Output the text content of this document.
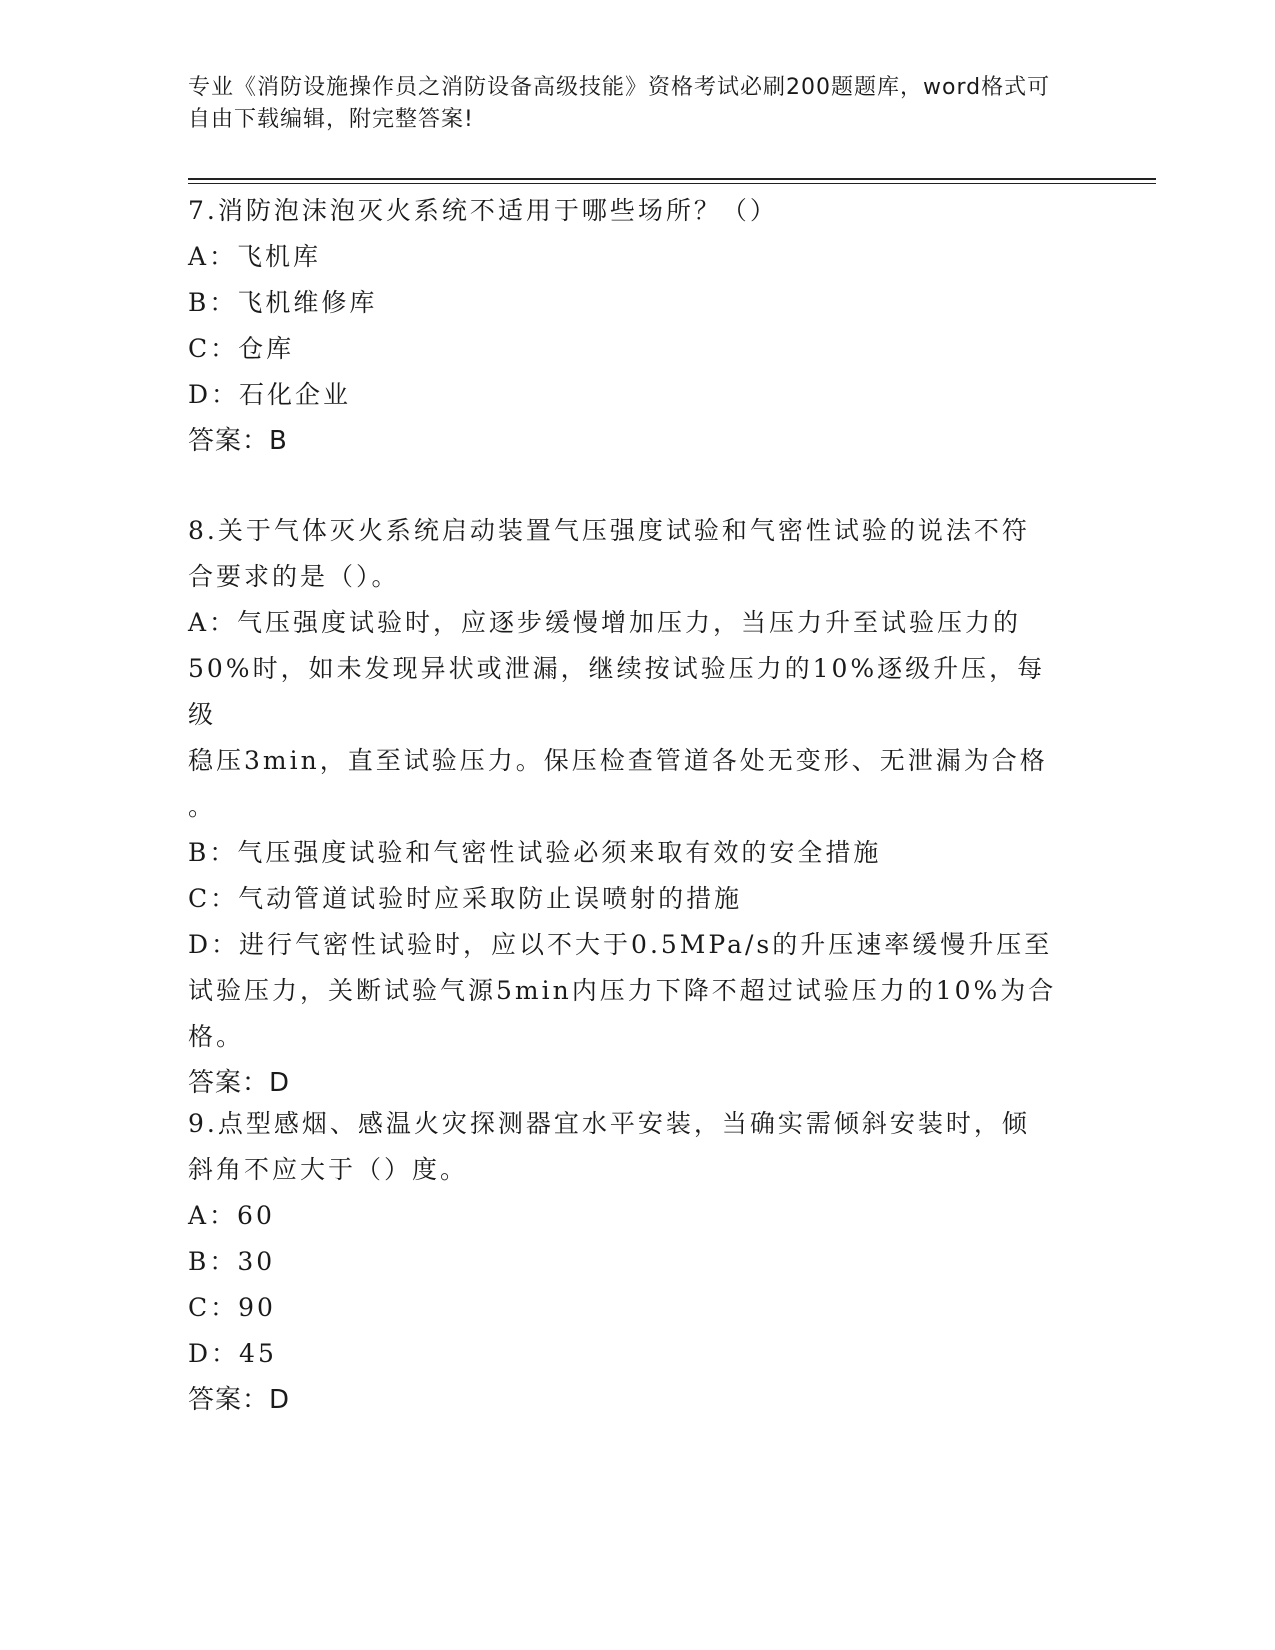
专业《消防设施操作员之消防设备高级技能》资格考试必刷200题题库，word格式可自由下载编辑，附完整答案!
7.消防泡沫泡灭火系统不适用于哪些场所？（）
A：飞机库
B：飞机维修库
C：仓库
D：石化企业
答案：B
8.关于气体灭火系统启动装置气压强度试验和气密性试验的说法不符
合要求的是（）。
A：气压强度试验时，应逐步缓慢增加压力，当压力升至试验压力的
50%时，如未发现异状或泄漏，继续按试验压力的10%逐级升压，每级
稳压3min，直至试验压力。保压检查管道各处无变形、无泄漏为合格
。
B：气压强度试验和气密性试验必须来取有效的安全措施
C：气动管道试验时应采取防止误喷射的措施
D：进行气密性试验时，应以不大于0.5MPa/s的升压速率缓慢升压至
试验压力，关断试验气源5min内压力下降不超过试验压力的10%为合
格。
答案：D
9.点型感烟、感温火灾探测器宜水平安装，当确实需倾斜安装时，倾
斜角不应大于（）度。
A：60
B：30
C：90
D：45
答案：D
